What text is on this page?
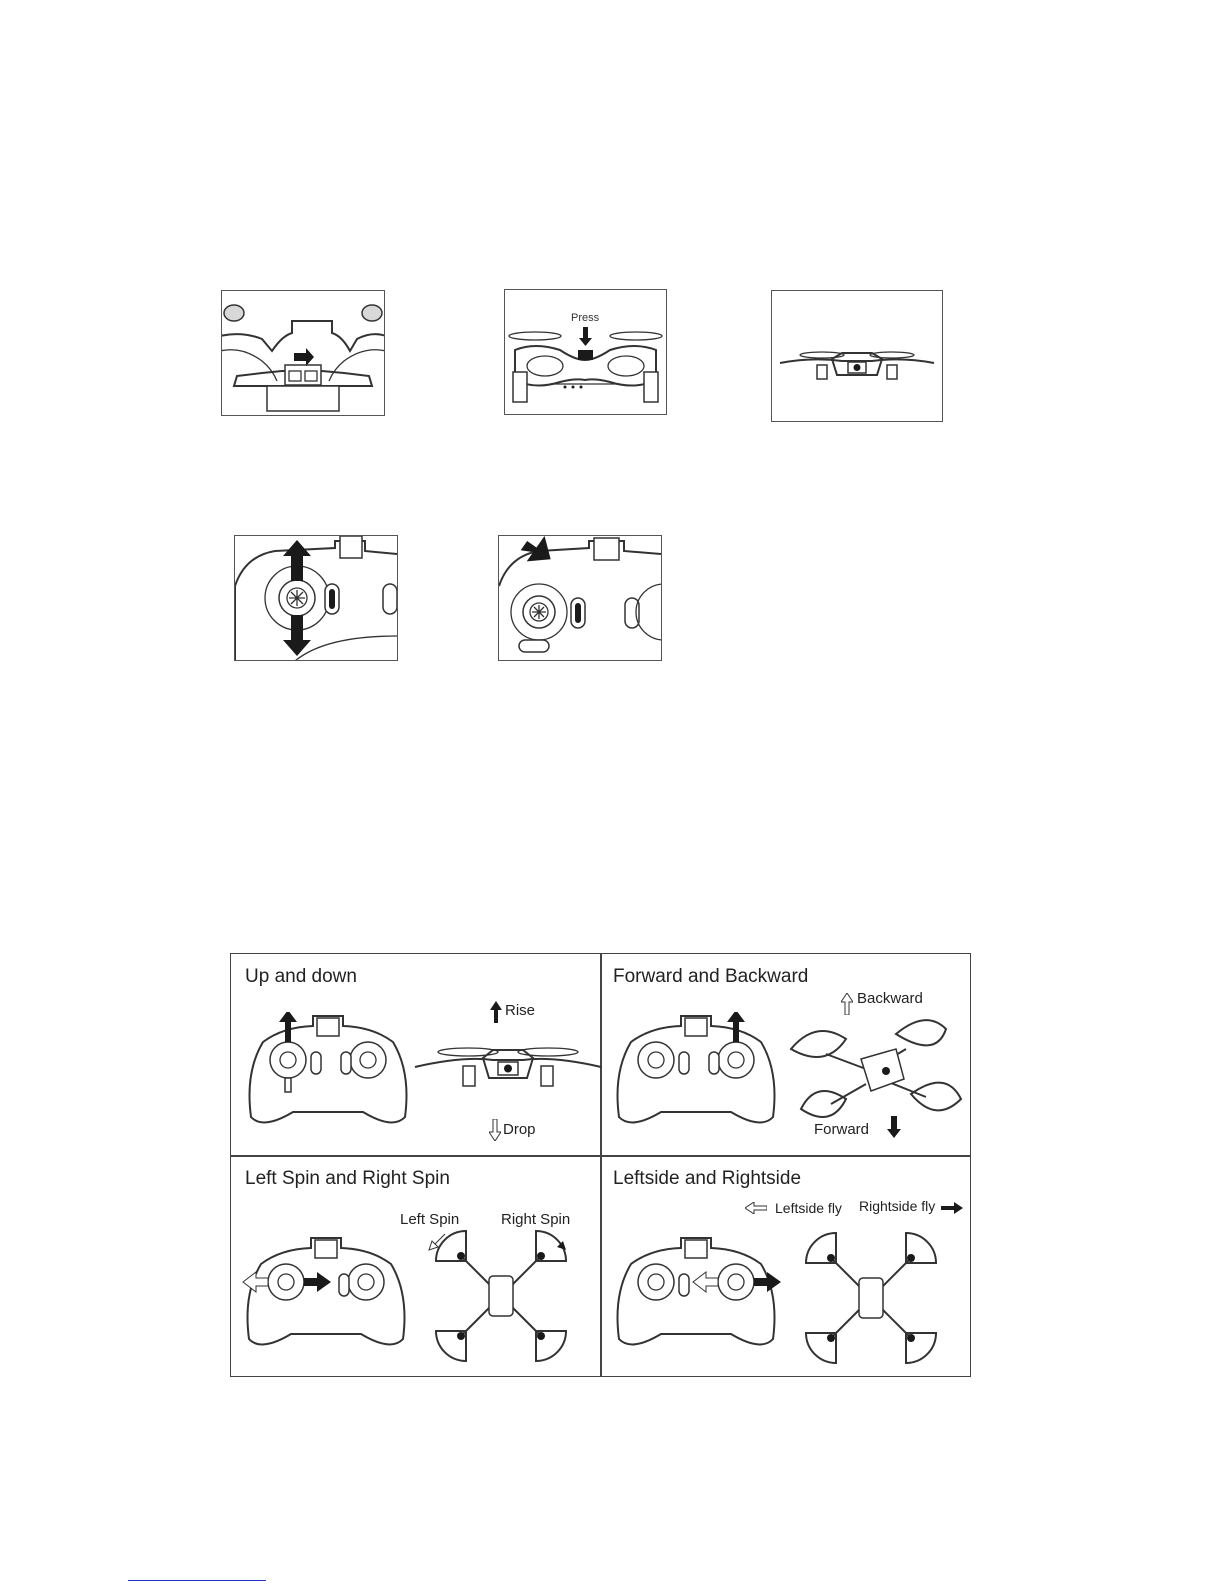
Press
Up and down
Rise
Drop
Forward and Backward
Backward
Forward
Left Spin and Right Spin
Left Spin	Right Spin
Leftside and Rightside
Leftside fly Rightside fly
